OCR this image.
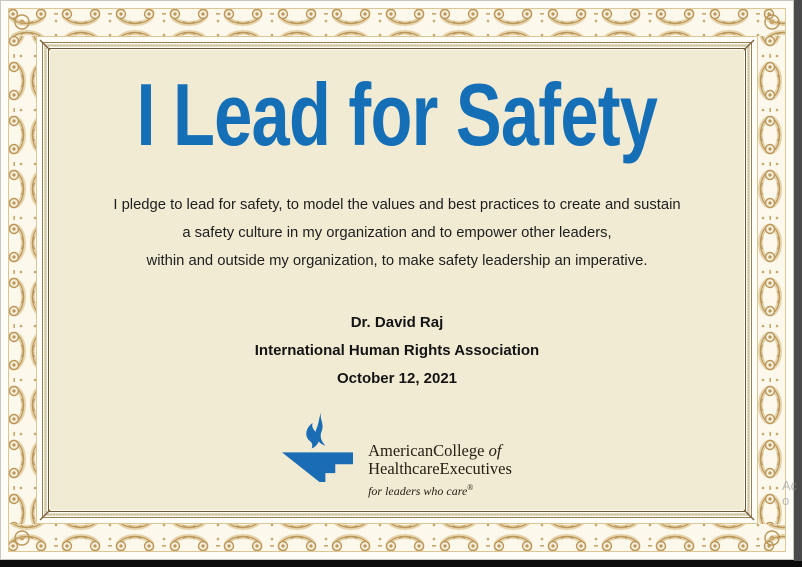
I Lead for Safety
I pledge to lead for safety, to model the values and best practices to create and sustain
a safety culture in my organization and to empower other leaders,
within and outside my organization, to make safety leadership an imperative.
Dr. David Raj
International Human Rights Association
October 12, 2021
AmericanCollege of
HealthcareExecutives
for leaders who care®	Ac
o
